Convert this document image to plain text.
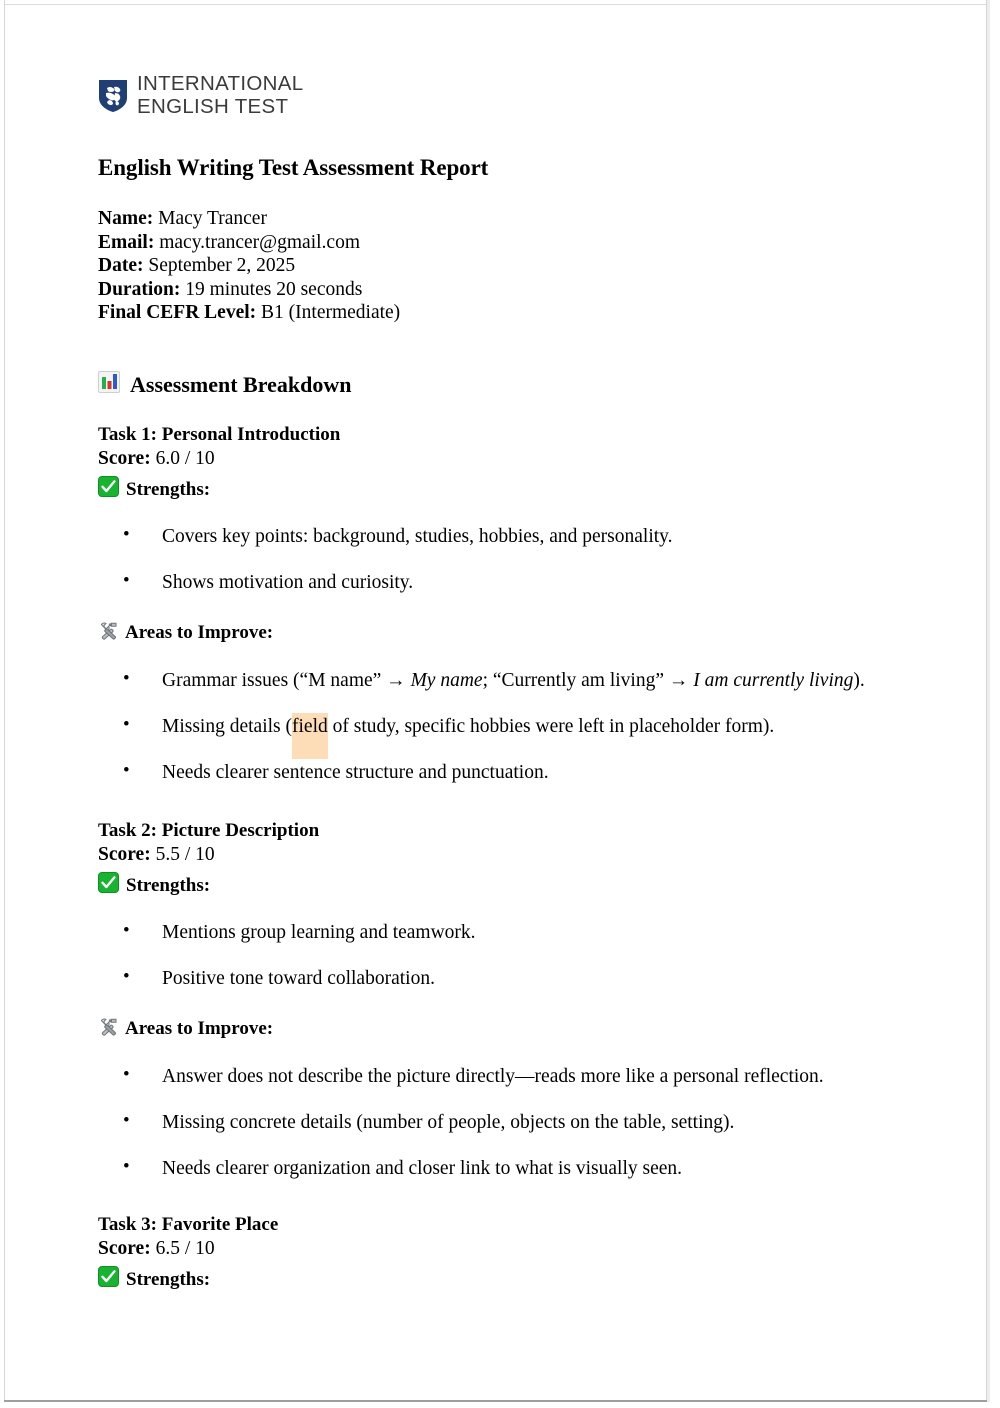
INTERNATIONAL
ENGLISH TEST
English Writing Test Assessment Report
Name: Macy Trancer
Email: macy.trancer@gmail.com
Date: September 2, 2025
Duration: 19 minutes 20 seconds
Final CEFR Level: B1 (Intermediate)
Assessment Breakdown
Task 1: Personal Introduction
Score: 6.0 / 10
Strengths:
• Covers key points: background, studies, hobbies, and personality.
• Shows motivation and curiosity.
Areas to Improve:
• Grammar issues (“M name” → My name; “Currently am living” → I am currently living).
• Missing details (field of study, specific hobbies were left in placeholder form).
• Needs clearer sentence structure and punctuation.
Task 2: Picture Description
Score: 5.5 / 10
Strengths:
• Mentions group learning and teamwork.
• Positive tone toward collaboration.
Areas to Improve:
• Answer does not describe the picture directly—reads more like a personal reflection.
• Missing concrete details (number of people, objects on the table, setting).
• Needs clearer organization and closer link to what is visually seen.
Task 3: Favorite Place
Score: 6.5 / 10
Strengths:
